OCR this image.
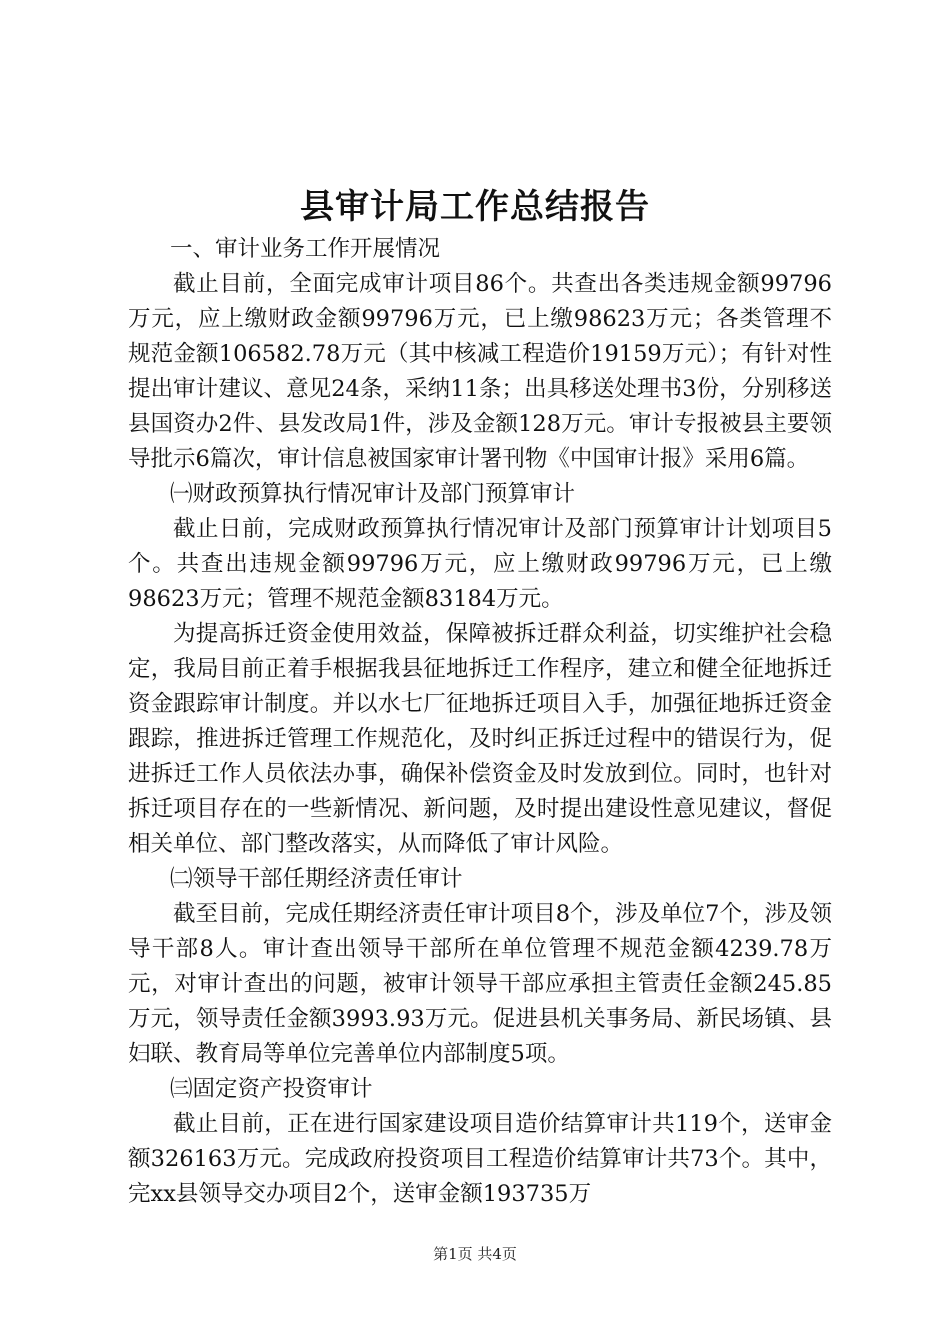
县审计局工作总结报告

一、审计业务工作开展情况

截止目前，全面完成审计项目86个。共查出各类违规金额99796万元，应上缴财政金额99796万元，已上缴98623万元；各类管理不规范金额106582.78万元（其中核减工程造价19159万元）；有针对性提出审计建议、意见24条，采纳11条；出具移送处理书3份，分别移送县国资办2件、县发改局1件，涉及金额128万元。审计专报被县主要领导批示6篇次，审计信息被国家审计署刊物《中国审计报》采用6篇。

㈠财政预算执行情况审计及部门预算审计

截止日前，完成财政预算执行情况审计及部门预算审计计划项目5个。共查出违规金额99796万元，应上缴财政99796万元，已上缴98623万元；管理不规范金额83184万元。

为提高拆迁资金使用效益，保障被拆迁群众利益，切实维护社会稳定，我局目前正着手根据我县征地拆迁工作程序，建立和健全征地拆迁资金跟踪审计制度。并以水七厂征地拆迁项目入手，加强征地拆迁资金跟踪，推进拆迁管理工作规范化，及时纠正拆迁过程中的错误行为，促进拆迁工作人员依法办事，确保补偿资金及时发放到位。同时，也针对拆迁项目存在的一些新情况、新问题，及时提出建设性意见建议，督促相关单位、部门整改落实，从而降低了审计风险。

㈡领导干部任期经济责任审计

截至目前，完成任期经济责任审计项目8个，涉及单位7个，涉及领导干部8人。审计查出领导干部所在单位管理不规范金额4239.78万元，对审计查出的问题，被审计领导干部应承担主管责任金额245.85万元，领导责任金额3993.93万元。促进县机关事务局、新民场镇、县妇联、教育局等单位完善单位内部制度5项。

㈢固定资产投资审计

截止目前，正在进行国家建设项目造价结算审计共119个，送审金额326163万元。完成政府投资项目工程造价结算审计共73个。其中，完xx县领导交办项目2个，送审金额193735万

第1页 共4页
